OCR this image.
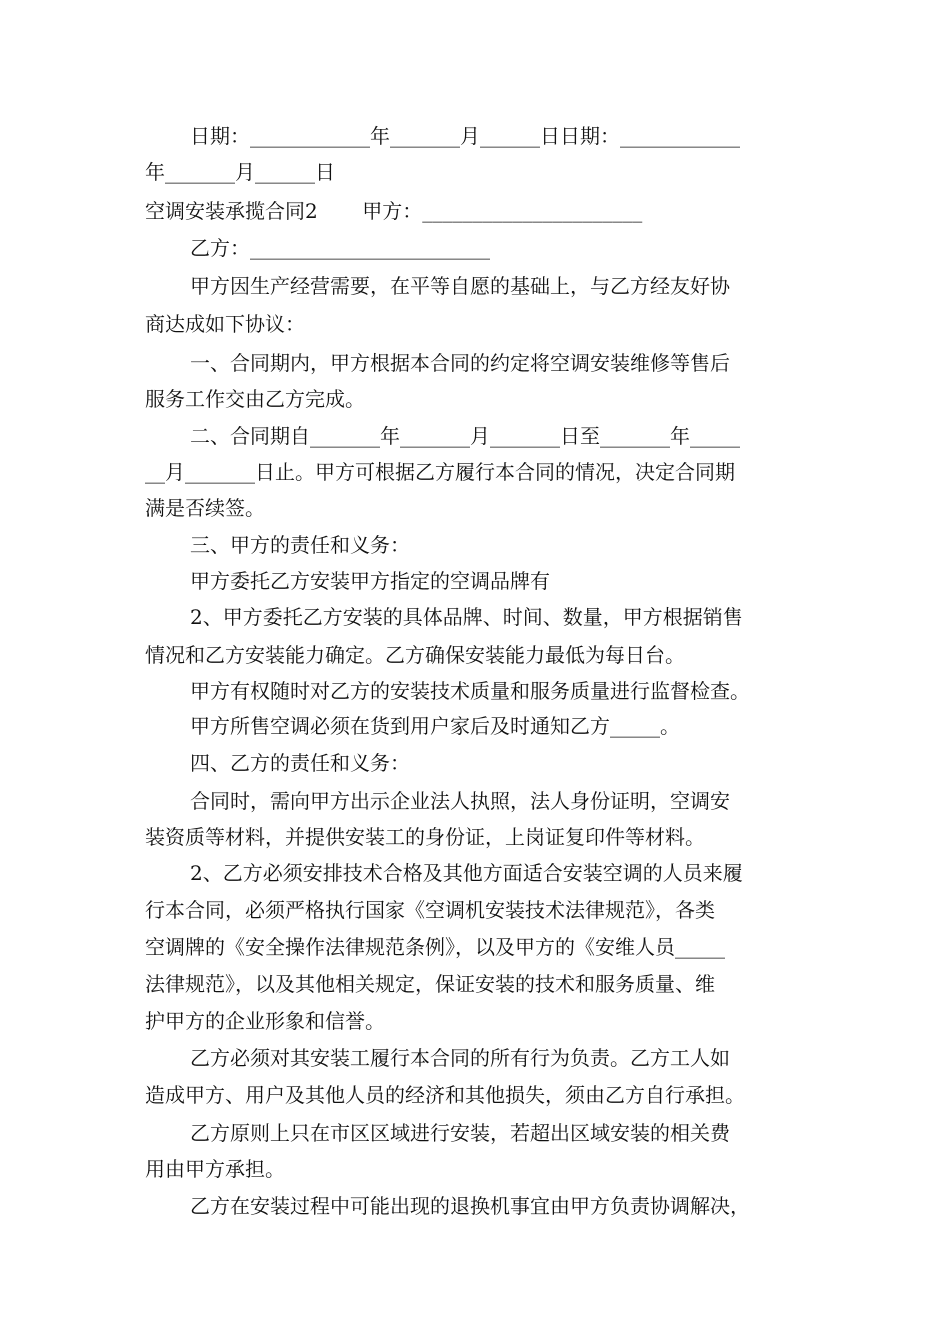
日期：____________年_______月______日日期：____________
年_______月______日
空调安装承揽合同2       甲方：______________________
乙方：________________________
甲方因生产经营需要，在平等自愿的基础上，与乙方经友好协
商达成如下协议：
一、合同期内，甲方根据本合同的约定将空调安装维修等售后
服务工作交由乙方完成。
二、合同期自_______年_______月_______日至_______年_____
__月_______日止。甲方可根据乙方履行本合同的情况，决定合同期
满是否续签。
三、甲方的责任和义务：
甲方委托乙方安装甲方指定的空调品牌有
2、甲方委托乙方安装的具体品牌、时间、数量，甲方根据销售
情况和乙方安装能力确定。乙方确保安装能力最低为每日台。
甲方有权随时对乙方的安装技术质量和服务质量进行监督检查。
甲方所售空调必须在货到用户家后及时通知乙方_____。
四、乙方的责任和义务：
合同时，需向甲方出示企业法人执照，法人身份证明，空调安
装资质等材料，并提供安装工的身份证，上岗证复印件等材料。
2、乙方必须安排技术合格及其他方面适合安装空调的人员来履
行本合同，必须严格执行国家《空调机安装技术法律规范》，各类
空调牌的《安全操作法律规范条例》，以及甲方的《安维人员_____
法律规范》，以及其他相关规定，保证安装的技术和服务质量、维
护甲方的企业形象和信誉。
乙方必须对其安装工履行本合同的所有行为负责。乙方工人如
造成甲方、用户及其他人员的经济和其他损失，须由乙方自行承担。
乙方原则上只在市区区域进行安装，若超出区域安装的相关费
用由甲方承担。
乙方在安装过程中可能出现的退换机事宜由甲方负责协调解决，
